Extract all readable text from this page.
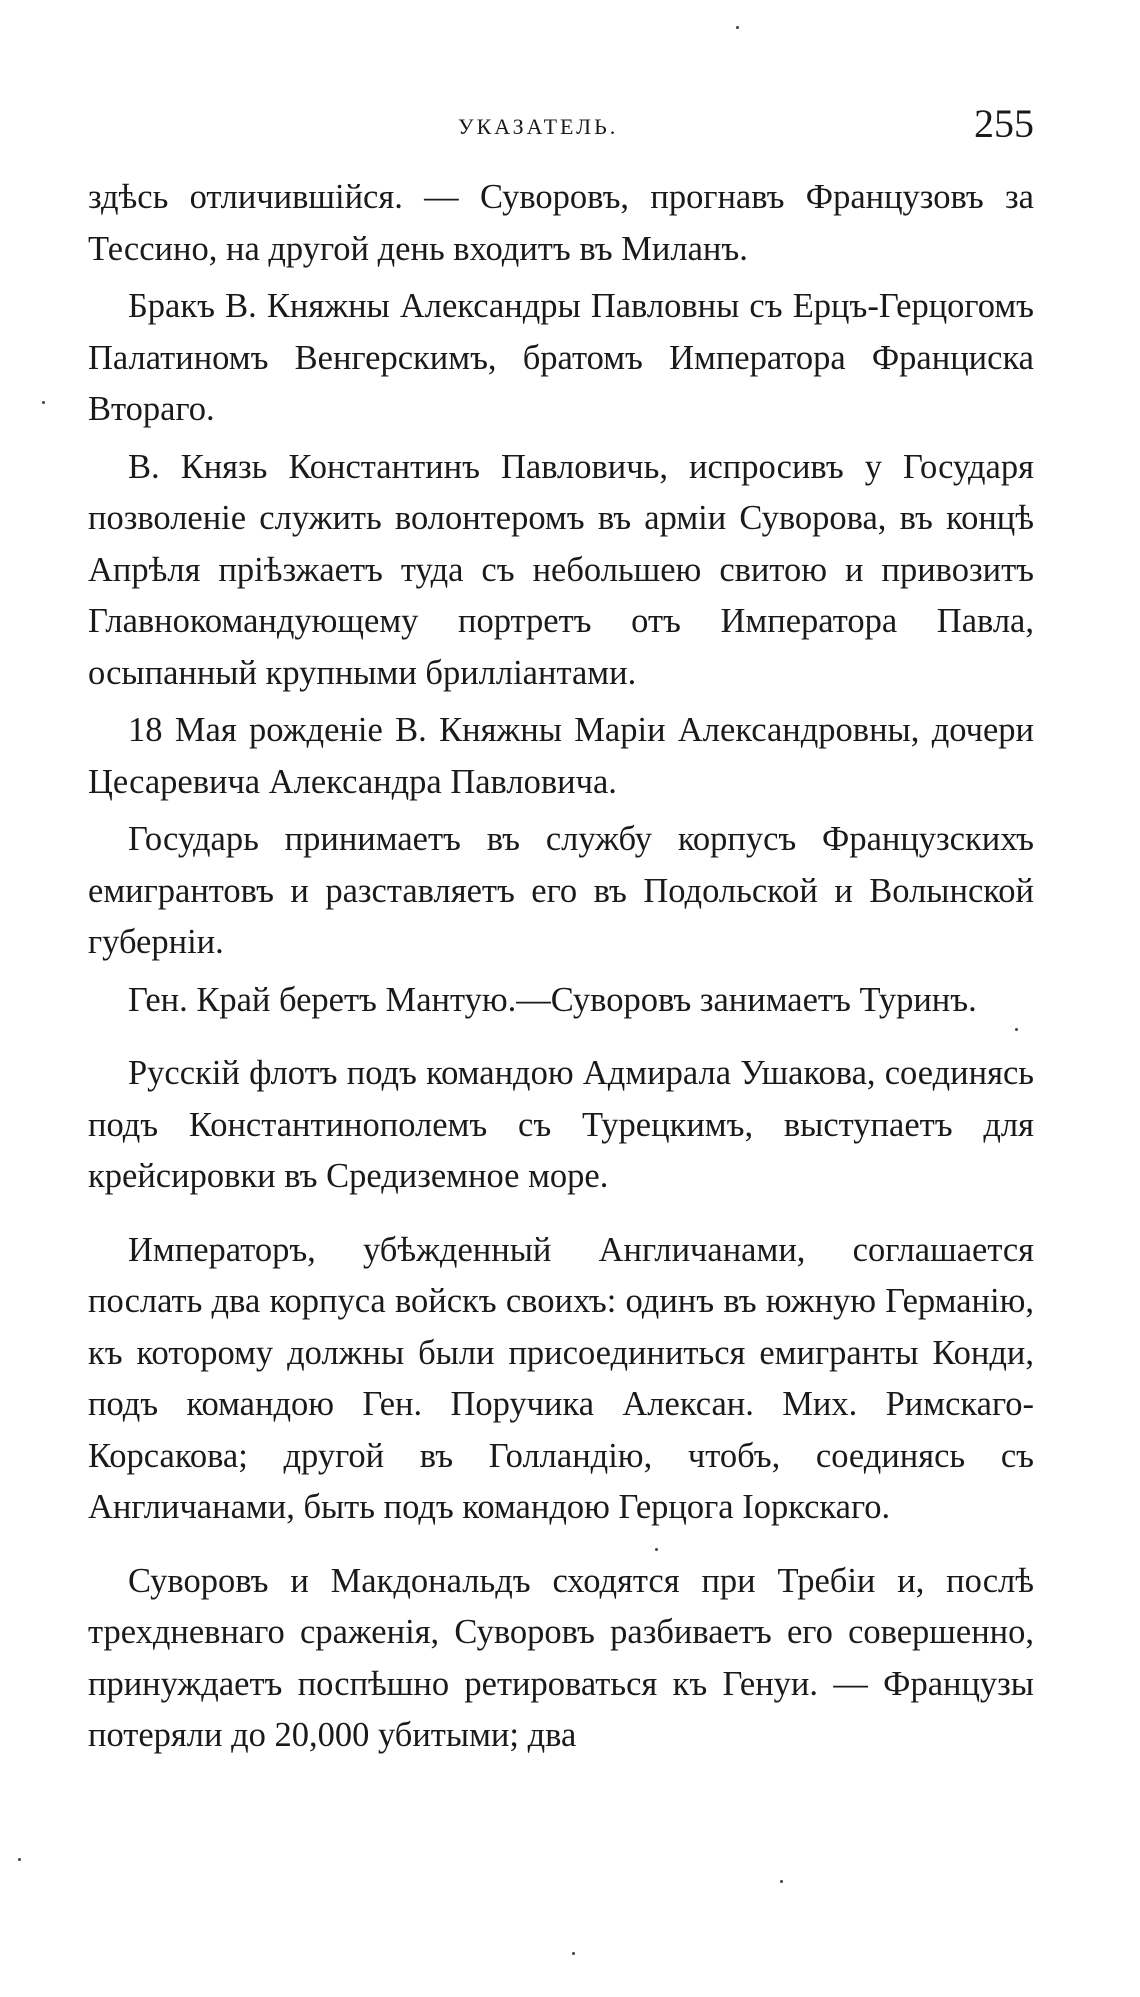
УКАЗАТЕЛЬ.	255

здѣсь отличившійся. — Суворовъ, прогнавъ Французовъ за Тессино, на другой день входитъ въ Миланъ.

Бракъ В. Княжны Александры Павловны съ Ерцъ-Герцогомъ Палатиномъ Венгерскимъ, братомъ Императора Франциска Втораго.

В. Князь Константинъ Павловичь, испросивъ у Государя позволеніе служить волонтеромъ въ арміи Суворова, въ концѣ Апрѣля пріѣзжаетъ туда съ небольшею свитою и привозитъ Главнокомандующему портретъ отъ Императора Павла, осыпанный крупными брилліантами.

18 Мая рожденіе В. Княжны Маріи Александровны, дочери Цесаревича Александра Павловича.

Государь принимаетъ въ службу корпусъ Французскихъ емигрантовъ и разставляетъ его въ Подольской и Волынской губерніи.

Ген. Край беретъ Мантую.—Суворовъ занимаетъ Туринъ.

Русскій флотъ подъ командою Адмирала Ушакова, соединясь подъ Константинополемъ съ Турецкимъ, выступаетъ для крейсировки въ Средиземное море.

Императоръ, убѣжденный Англичанами, соглашается послать два корпуса войскъ своихъ: одинъ въ южную Германію, къ которому должны были присоединиться емигранты Конди, подъ командою Ген. Поручика Алексан. Мих. Римскаго-Корсакова; другой въ Голландію, чтобъ, соединясь съ Англичанами, быть подъ командою Герцога Іоркскаго.

Суворовъ и Макдональдъ сходятся при Требіи и, послѣ трехдневнаго сраженія, Суворовъ разбиваетъ его совершенно, принуждаетъ поспѣшно ретироваться къ Генуи. — Французы потеряли до 20,000 убитыми; два
